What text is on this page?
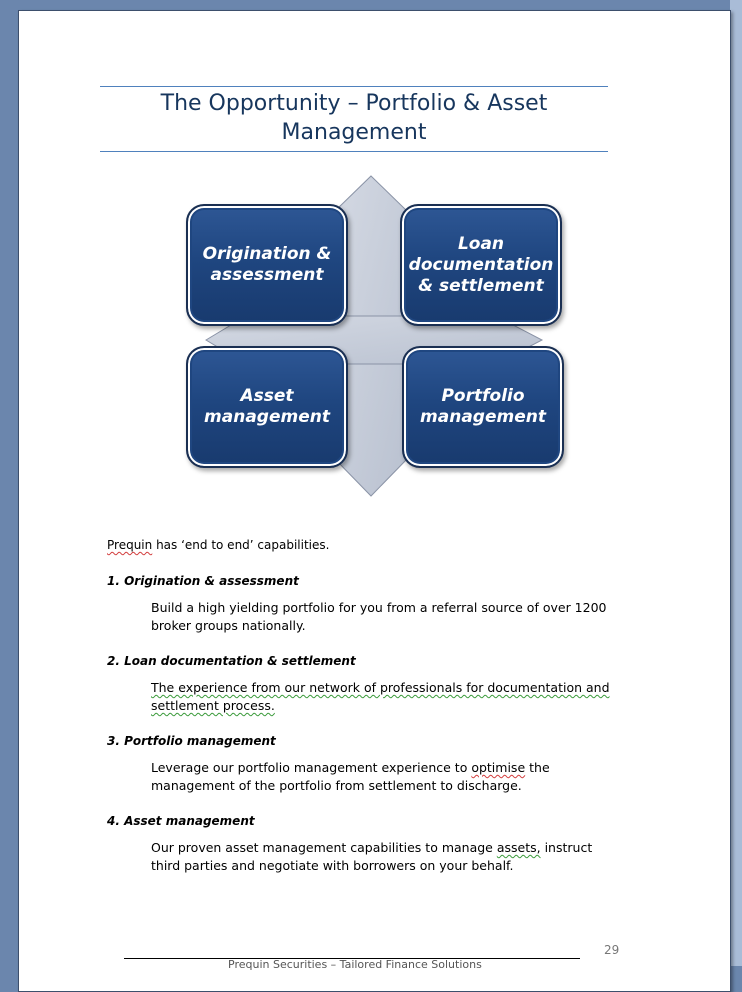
The Opportunity – Portfolio & Asset
Management
Origination & assessment
Loan documentation & settlement
Asset management
Portfolio management

Prequin has ‘end to end’ capabilities.

1. Origination & assessment

Build a high yielding portfolio for you from a referral source of over 1200 broker groups nationally.

2. Loan documentation & settlement

The experience from our network of professionals for documentation and settlement process.

3. Portfolio management

Leverage our portfolio management experience to optimise the management of the portfolio from settlement to discharge.

4. Asset management

Our proven asset management capabilities to manage assets, instruct third parties and negotiate with borrowers on your behalf.

29
Prequin Securities – Tailored Finance Solutions
